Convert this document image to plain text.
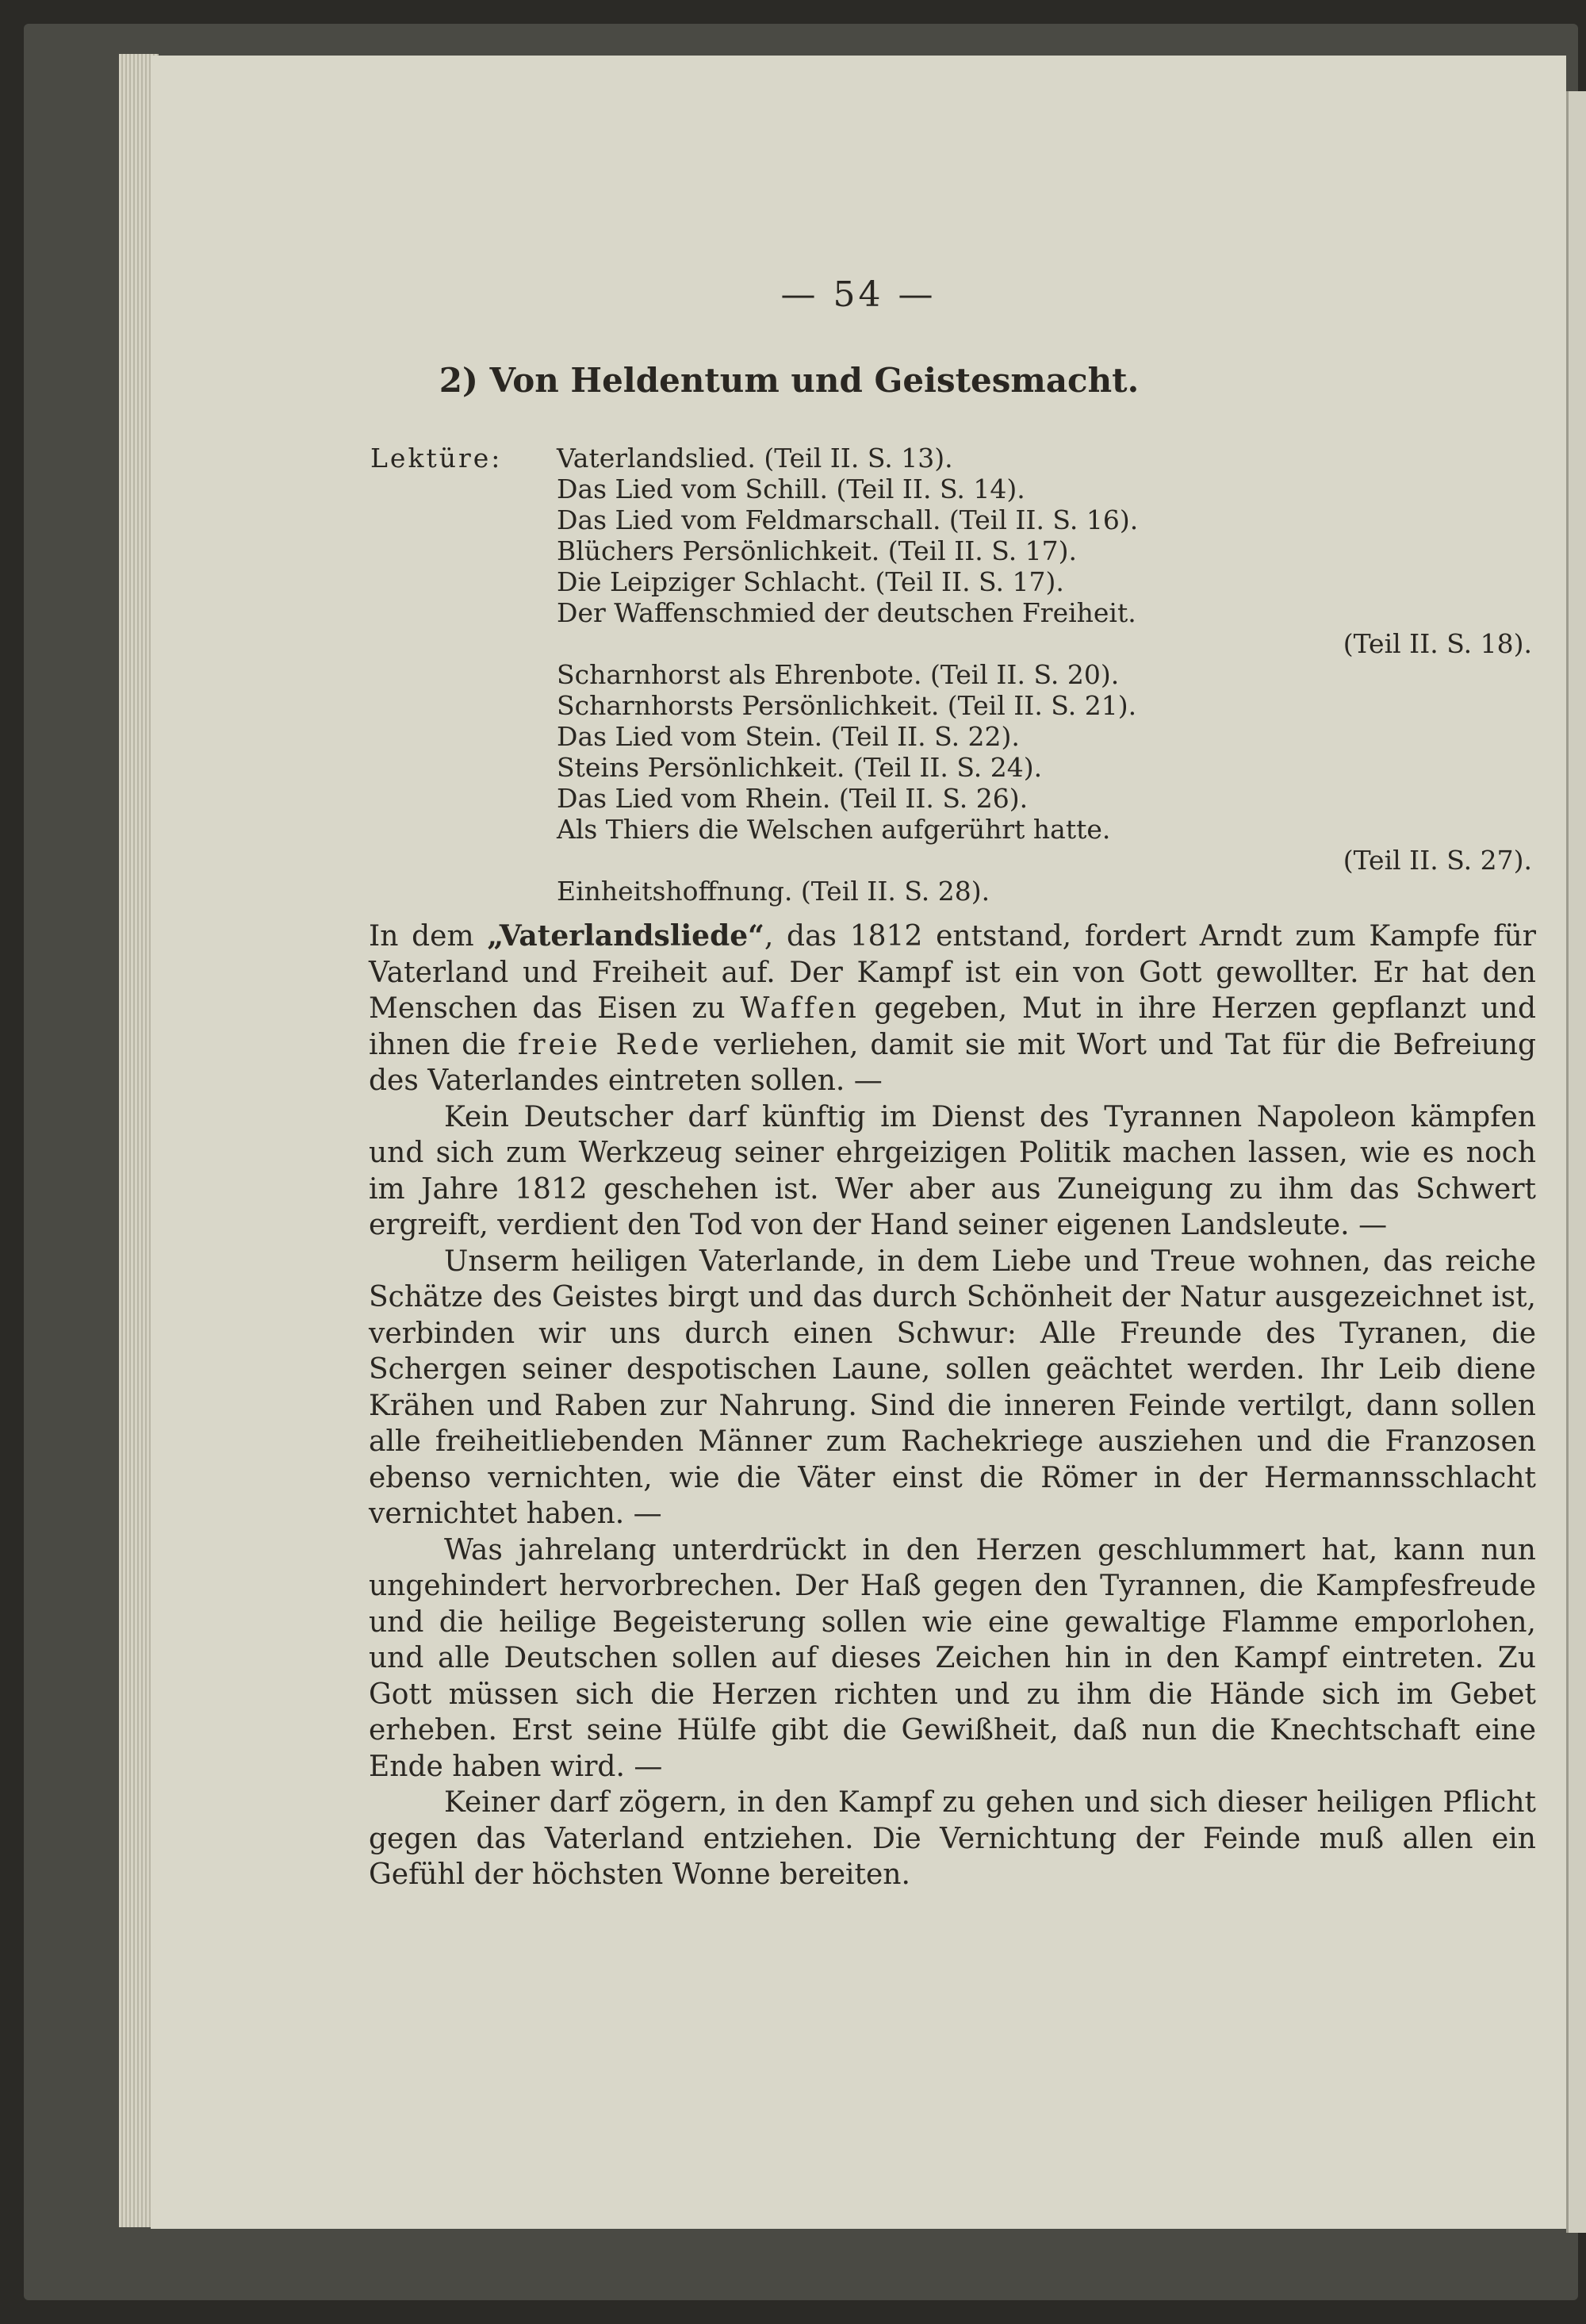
— 54 —
2) Von Heldentum und Geistesmacht.
Lektüre: Vaterlandslied. (Teil II. S. 13).
Das Lied vom Schill. (Teil II. S. 14).
Das Lied vom Feldmarschall. (Teil II. S. 16).
Blüchers Persönlichkeit. (Teil II. S. 17).
Die Leipziger Schlacht. (Teil II. S. 17).
Der Waffenschmied der deutschen Freiheit.
(Teil II. S. 18).
Scharnhorst als Ehrenbote. (Teil II. S. 20).
Scharnhorsts Persönlichkeit. (Teil II. S. 21).
Das Lied vom Stein. (Teil II. S. 22).
Steins Persönlichkeit. (Teil II. S. 24).
Das Lied vom Rhein. (Teil II. S. 26).
Als Thiers die Welschen aufgerührt hatte.
(Teil II. S. 27).
Einheitshoffnung. (Teil II. S. 28).

In dem „Vaterlandsliede“, das 1812 entstand, fordert Arndt zum Kampfe für Vaterland und Freiheit auf. Der Kampf ist ein von Gott gewollter. Er hat den Menschen das Eisen zu Waffen gegeben, Mut in ihre Herzen gepflanzt und ihnen die freie Rede verliehen, damit sie mit Wort und Tat für die Befreiung des Vaterlandes eintreten sollen. —

Kein Deutscher darf künftig im Dienst des Tyrannen Napoleon kämpfen und sich zum Werkzeug seiner ehrgeizigen Politik machen lassen, wie es noch im Jahre 1812 geschehen ist. Wer aber aus Zuneigung zu ihm das Schwert ergreift, verdient den Tod von der Hand seiner eigenen Landsleute. —

Unserm heiligen Vaterlande, in dem Liebe und Treue wohnen, das reiche Schätze des Geistes birgt und das durch Schönheit der Natur ausgezeichnet ist, verbinden wir uns durch einen Schwur: Alle Freunde des Tyranen, die Schergen seiner despotischen Laune, sollen geächtet werden. Ihr Leib diene Krähen und Raben zur Nahrung. Sind die inneren Feinde vertilgt, dann sollen alle freiheitliebenden Männer zum Rachekriege ausziehen und die Franzosen ebenso vernichten, wie die Väter einst die Römer in der Hermannsschlacht vernichtet haben. —

Was jahrelang unterdrückt in den Herzen geschlummert hat, kann nun ungehindert hervorbrechen. Der Haß gegen den Tyrannen, die Kampfesfreude und die heilige Begeisterung sollen wie eine gewaltige Flamme emporlohen, und alle Deutschen sollen auf dieses Zeichen hin in den Kampf eintreten. Zu Gott müssen sich die Herzen richten und zu ihm die Hände sich im Gebet erheben. Erst seine Hülfe gibt die Gewißheit, daß nun die Knechtschaft eine Ende haben wird. —

Keiner darf zögern, in den Kampf zu gehen und sich dieser heiligen Pflicht gegen das Vaterland entziehen. Die Vernichtung der Feinde muß allen ein Gefühl der höchsten Wonne bereiten.
